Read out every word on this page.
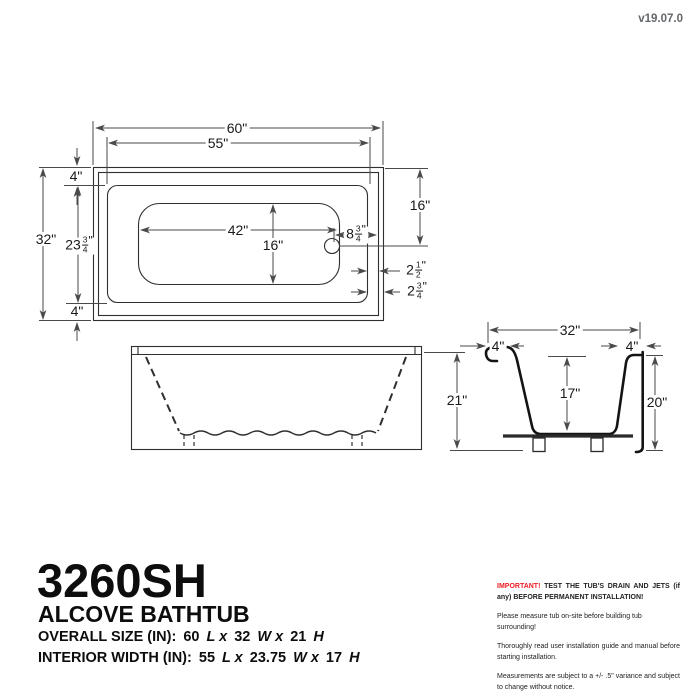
v19.07.0
60"
55"
4"
32" $23 \frac{3}{4}$ "
42"
16"
$8 \frac{3}{4}$ "
16"
$2 \frac{1}{2}$ "
$2 \frac{3}{4}$ "
4"
21"
32"
4"	4"
17"
20"
3260SH
ALCOVE BATHTUB
OVERALL SIZE (IN): 60 L x 32 W x 21 H
INTERIOR WIDTH (IN): 55 L x 23.75 W x 17 H
IMPORTANT! TEST THE TUB'S DRAIN AND JETS (if any) BEFORE PERMANENT INSTALLATION!
Please measure tub on-site before building tub surrounding!
Thoroughly read user installation guide and manual before starting installation.
Measurements are subject to a +/- .5" variance and subject to change without notice.
